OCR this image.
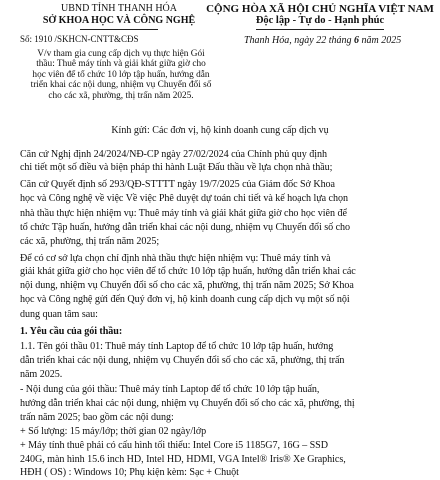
UBND TỈNH THANH HÓA
SỞ KHOA HỌC VÀ CÔNG NGHỆ
CỘNG HÒA XÃ HỘI CHỦ NGHĨA VIỆT NAM
Độc lập - Tự do - Hạnh phúc
Số: 1910 /SKHCN-CNTT&CĐS	Thanh Hóa, ngày 22 tháng 6 năm 2025
V/v tham gia cung cấp dịch vụ thực hiện Gói
thầu: Thuê máy tính và giải khát giữa giờ cho
học viên để tổ chức 10 lớp tập huấn, hướng dẫn
triển khai các nội dung, nhiệm vụ Chuyển đổi số
cho các xã, phường, thị trấn năm 2025.
Kính gửi: Các đơn vị, hộ kinh doanh cung cấp dịch vụ
Căn cứ Nghị định 24/2024/NĐ-CP ngày 27/02/2024 của Chính phủ quy định
chi tiết một số điều và biện pháp thi hành Luật Đấu thầu về lựa chọn nhà thầu;
Căn cứ Quyết định số 293/QĐ-STTTT ngày 19/7/2025 của Giám đốc Sở Khoa
học và Công nghệ về việc Về việc Phê duyệt dự toán chi tiết và kế hoạch lựa chọn
nhà thầu thực hiện nhiệm vụ: Thuê máy tính và giải khát giữa giờ cho học viên để
tổ chức Tập huấn, hướng dẫn triển khai các nội dung, nhiệm vụ Chuyển đổi số cho
các xã, phường, thị trấn năm 2025;
Để có cơ sở lựa chọn chỉ định nhà thầu thực hiện nhiệm vụ: Thuê máy tính và
giải khát giữa giờ cho học viên để tổ chức 10 lớp tập huấn, hướng dẫn triển khai các
nội dung, nhiệm vụ Chuyển đổi số cho các xã, phường, thị trấn năm 2025; Sở Khoa
học và Công nghệ gửi đến Quý đơn vị, hộ kinh doanh cung cấp dịch vụ một số nội
dung quan tâm sau:
1. Yêu cầu của gói thầu:
1.1. Tên gói thầu 01: Thuê máy tính Laptop để tổ chức 10 lớp tập huấn, hướng
dẫn triển khai các nội dung, nhiệm vụ Chuyển đổi số cho các xã, phường, thị trấn
năm 2025.
- Nội dung của gói thầu: Thuê máy tính Laptop để tổ chức 10 lớp tập huấn,
hướng dẫn triển khai các nội dung, nhiệm vụ Chuyển đổi số cho các xã, phường, thị
trấn năm 2025; bao gồm các nội dung:
+ Số lượng: 15 máy/lớp; thời gian 02 ngày/lớp
+ Máy tính thuê phải có cấu hình tối thiểu: Intel Core i5 1185G7, 16G – SSD
240G, màn hình 15.6 inch HD, Intel HD, HDMI, VGA Intel® Iris® Xe Graphics,
HĐH ( OS) : Windows 10; Phụ kiện kèm: Sạc + Chuột
